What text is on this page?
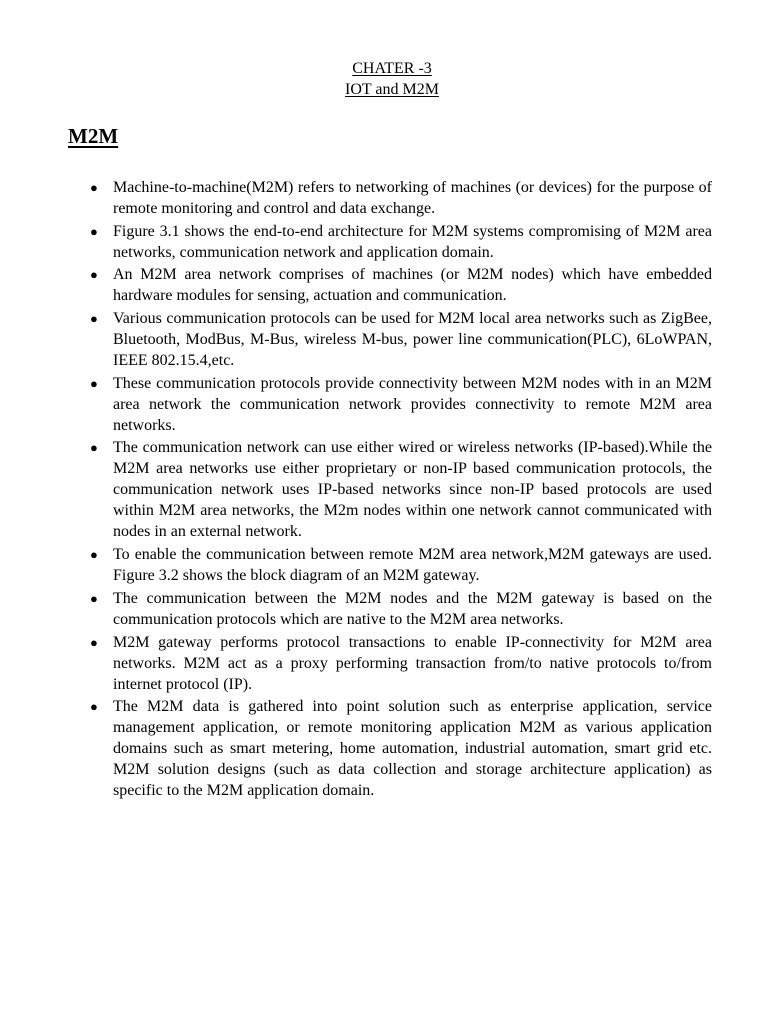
CHATER -3
IOT and M2M
M2M
● Machine-to-machine(M2M) refers to networking of machines (or devices) for the purpose of remote monitoring and control and data exchange.
● Figure 3.1 shows the end-to-end architecture for M2M systems compromising of M2M area networks, communication network and application domain.
● An M2M area network comprises of machines (or M2M nodes) which have embedded hardware modules for sensing, actuation and communication.
● Various communication protocols can be used for M2M local area networks such as ZigBee, Bluetooth, ModBus, M-Bus, wireless M-bus, power line communication(PLC), 6LoWPAN, IEEE 802.15.4,etc.
● These communication protocols provide connectivity between M2M nodes with in an M2M area network the communication network provides connectivity to remote M2M area networks.
● The communication network can use either wired or wireless networks (IP-based).While the M2M area networks use either proprietary or non-IP based communication protocols, the communication network uses IP-based networks since non-IP based protocols are used within M2M area networks, the M2m nodes within one network cannot communicated with nodes in an external network.
● To enable the communication between remote M2M area network,M2M gateways are used. Figure 3.2 shows the block diagram of an M2M gateway.
● The communication between the M2M nodes and the M2M gateway is based on the communication protocols which are native to the M2M area networks.
● M2M gateway performs protocol transactions to enable IP-connectivity for M2M area networks. M2M act as a proxy performing transaction from/to native protocols to/from internet protocol (IP).
● The M2M data is gathered into point solution such as enterprise application, service management application, or remote monitoring application M2M as various application domains such as smart metering, home automation, industrial automation, smart grid etc. M2M solution designs (such as data collection and storage architecture application) as specific to the M2M application domain.
